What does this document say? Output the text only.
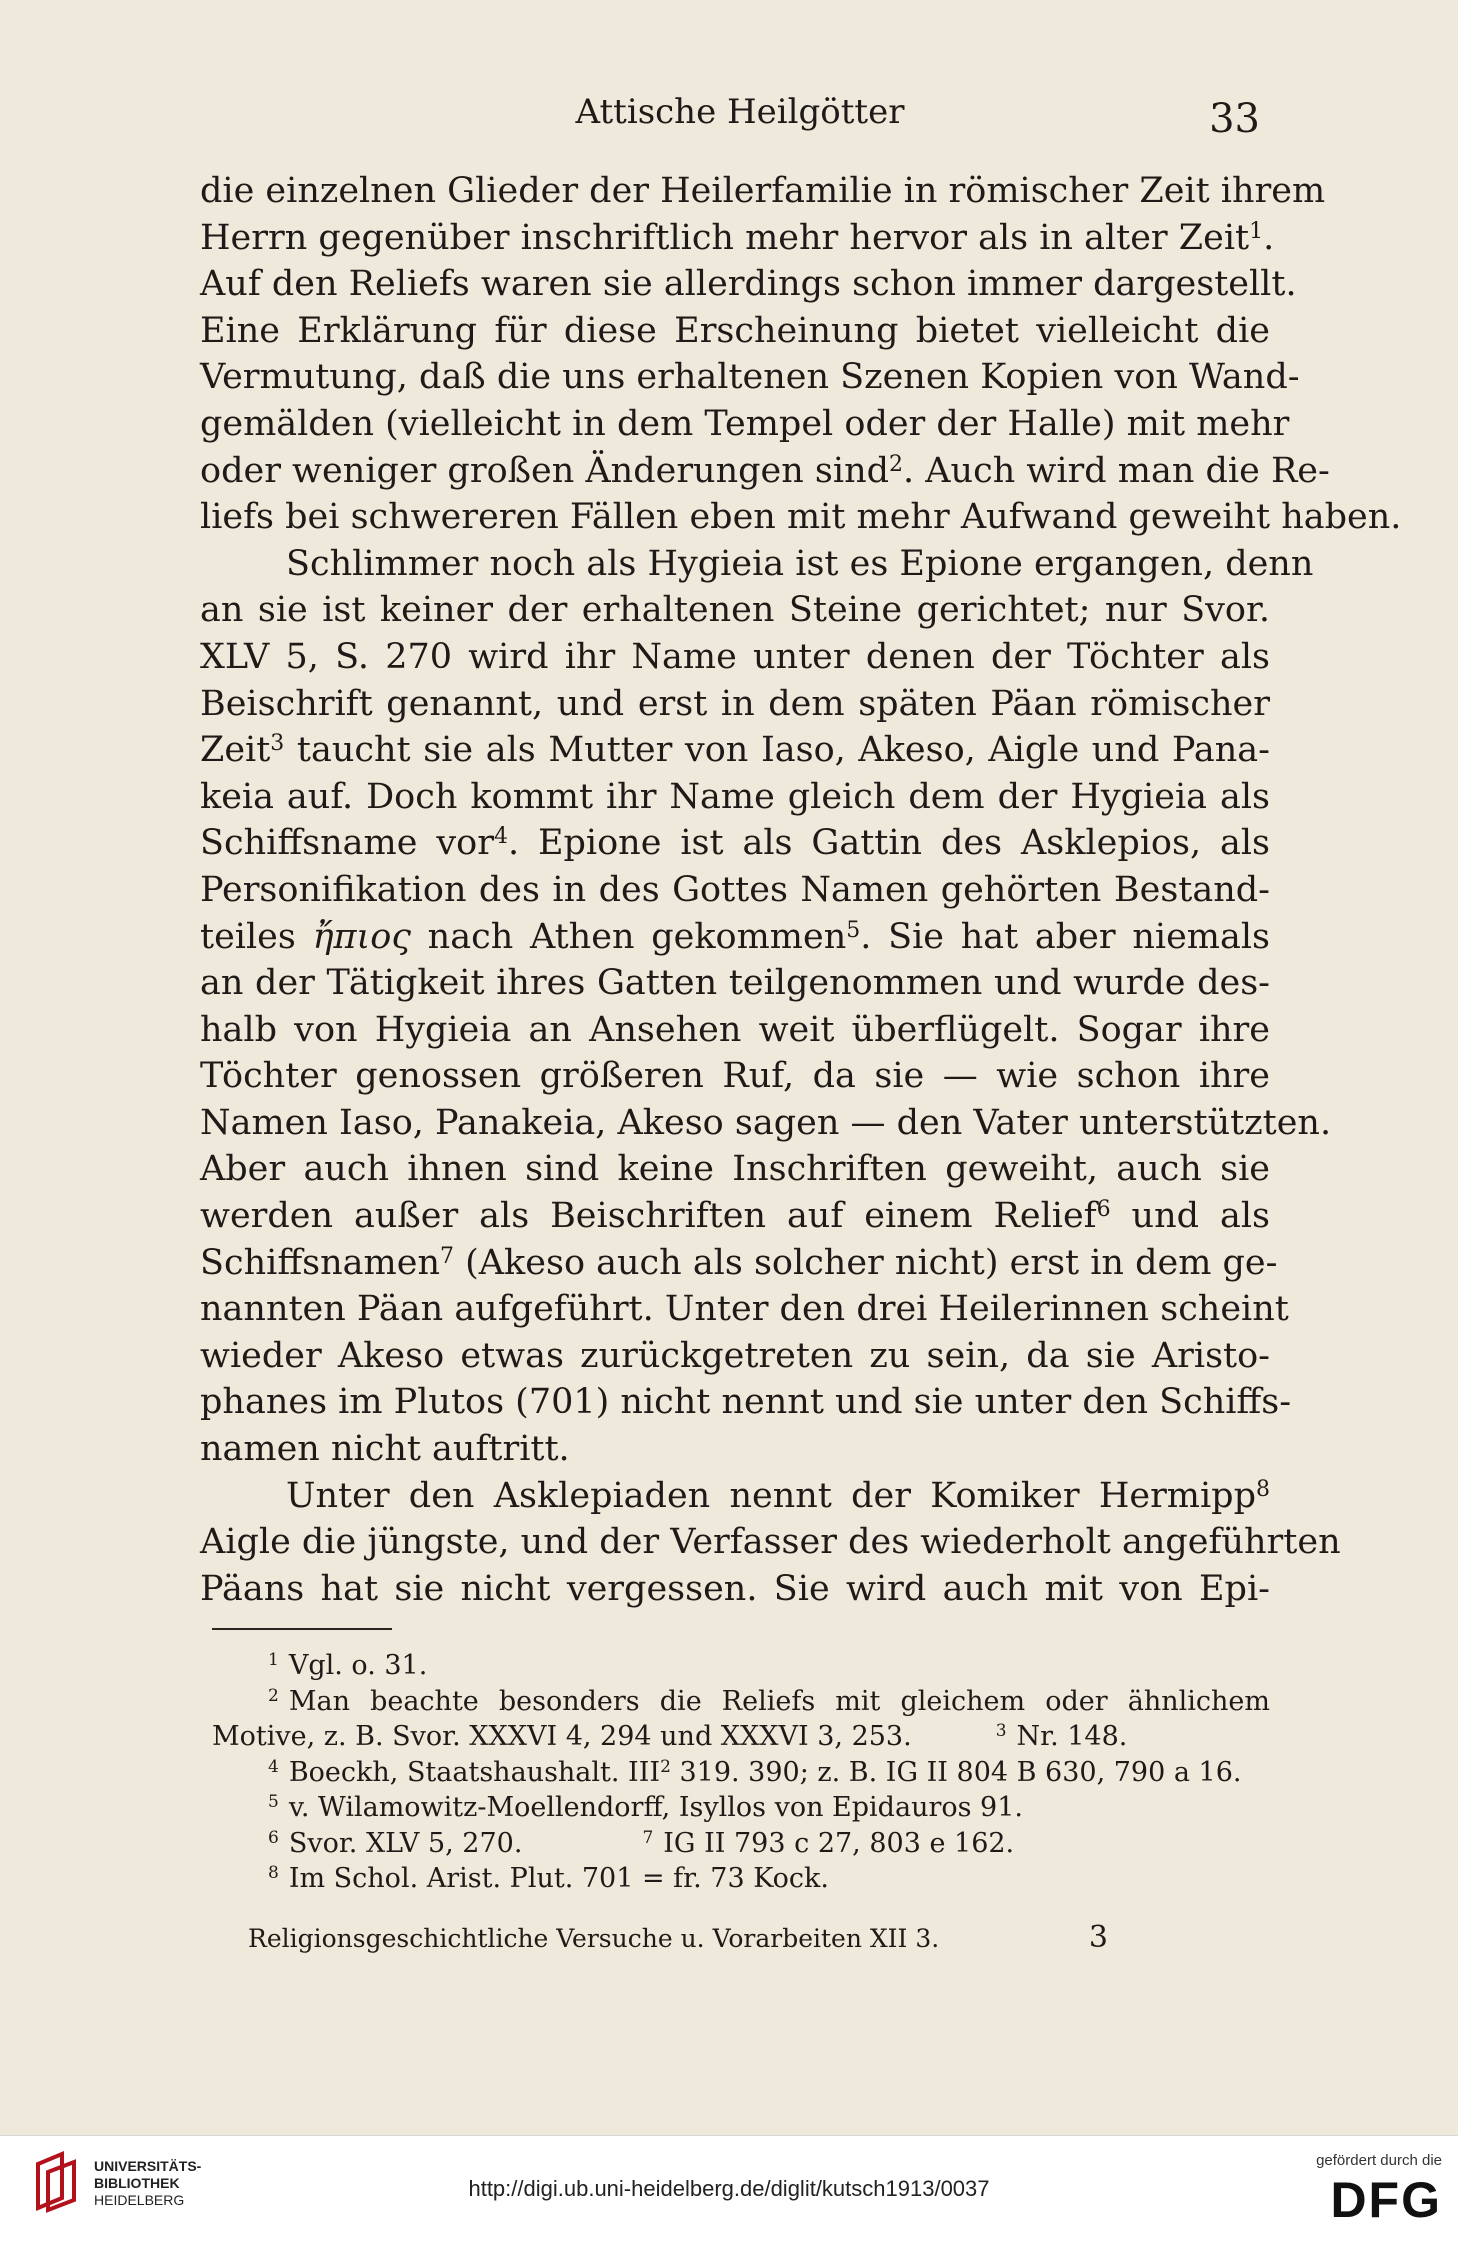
Attische Heilgötter	33
die einzelnen Glieder der Heilerfamilie in römischer Zeit ihrem
Herrn gegenüber inschriftlich mehr hervor als in alter Zeit$^1$.
Auf den Reliefs waren sie allerdings schon immer dargestellt.
Eine Erklärung für diese Erscheinung bietet vielleicht die
Vermutung, daß die uns erhaltenen Szenen Kopien von Wand-
gemälden (vielleicht in dem Tempel oder der Halle) mit mehr
oder weniger großen Änderungen sind$^2$. Auch wird man die Re-
liefs bei schwereren Fällen eben mit mehr Aufwand geweiht haben.
Schlimmer noch als Hygieia ist es Epione ergangen, denn
an sie ist keiner der erhaltenen Steine gerichtet; nur Svor.
XLV 5, S. 270 wird ihr Name unter denen der Töchter als
Beischrift genannt, und erst in dem späten Päan römischer
Zeit$^3$ taucht sie als Mutter von Iaso, Akeso, Aigle und Pana-
keia auf. Doch kommt ihr Name gleich dem der Hygieia als
Schiffsname vor$^4$. Epione ist als Gattin des Asklepios, als
Personifikation des in des Gottes Namen gehörten Bestand-
teiles ἤπιος nach Athen gekommen$^5$. Sie hat aber niemals
an der Tätigkeit ihres Gatten teilgenommen und wurde des-
halb von Hygieia an Ansehen weit überflügelt. Sogar ihre
Töchter genossen größeren Ruf, da sie — wie schon ihre
Namen Iaso, Panakeia, Akeso sagen — den Vater unterstützten.
Aber auch ihnen sind keine Inschriften geweiht, auch sie
werden außer als Beischriften auf einem Relief$^6$ und als
Schiffsnamen$^7$ (Akeso auch als solcher nicht) erst in dem ge-
nannten Päan aufgeführt. Unter den drei Heilerinnen scheint
wieder Akeso etwas zurückgetreten zu sein, da sie Aristo-
phanes im Plutos (701) nicht nennt und sie unter den Schiffs-
namen nicht auftritt.
Unter den Asklepiaden nennt der Komiker Hermipp$^8$
Aigle die jüngste, und der Verfasser des wiederholt angeführten
Päans hat sie nicht vergessen. Sie wird auch mit von Epi-
$^1$ Vgl. o. 31.
$^2$ Man beachte besonders die Reliefs mit gleichem oder ähnlichem
Motive, z. B. Svor. XXXVI 4, 294 und XXXVI 3, 253.	$^3$ Nr. 148.
$^4$ Boeckh, Staatshaushalt. III$^2$ 319. 390; z. B. IG II 804 B 630, 790 a 16.
$^5$ v. Wilamowitz-Moellendorff, Isyllos von Epidauros 91.
$^6$ Svor. XLV 5, 270.	$^7$ IG II 793 c 27, 803 e 162.
$^8$ Im Schol. Arist. Plut. 701 = fr. 73 Kock.
Religionsgeschichtliche Versuche u. Vorarbeiten XII 3.	3
UNIVERSITÄTS-
BIBLIOTHEK
HEIDELBERG	http://digi.ub.uni-heidelberg.de/diglit/kutsch1913/0037
gefördert durch die
DFG
